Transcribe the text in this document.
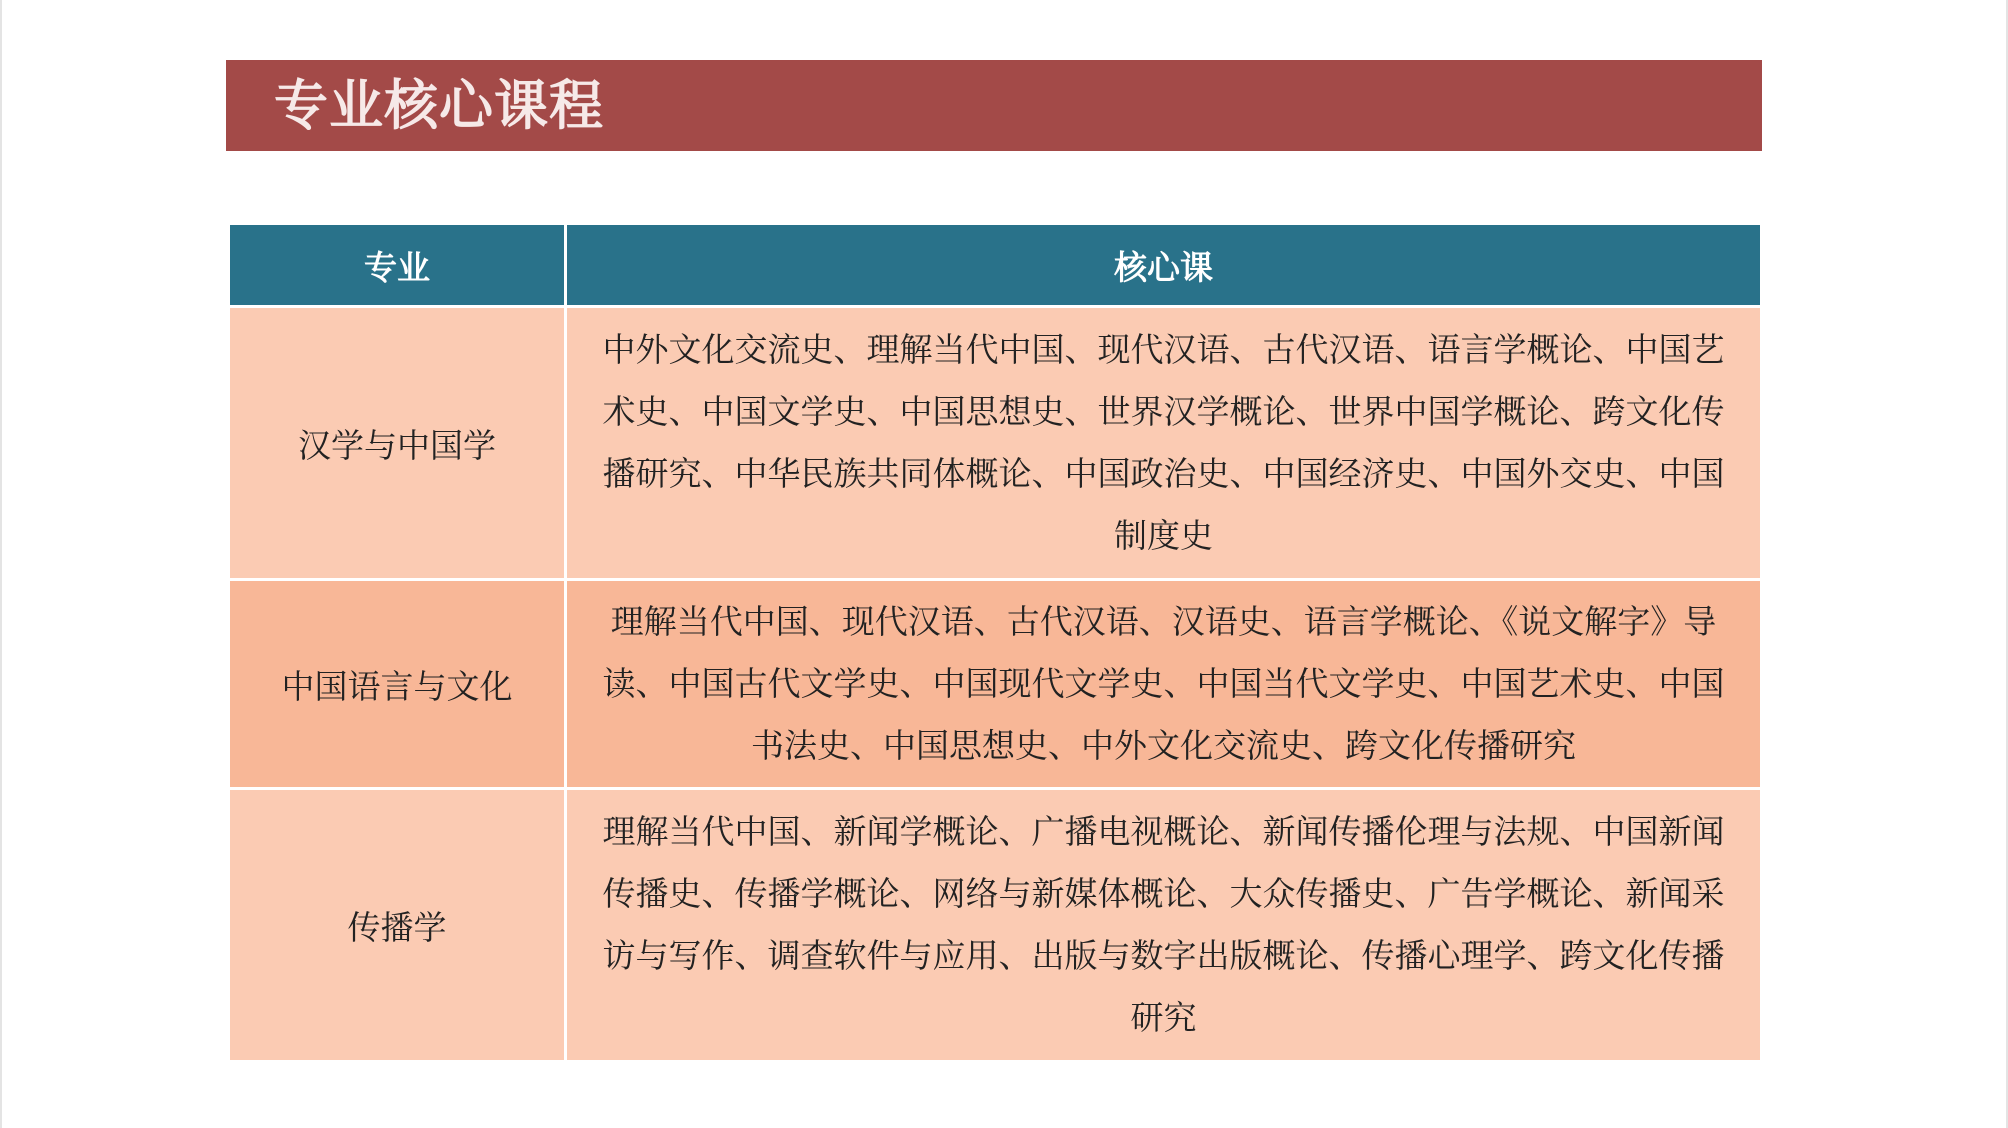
专业核心课程
专业	核心课
汉学与中国学	中外文化交流史、理解当代中国、现代汉语、古代汉语、语言学概论、中国艺术史、中国文学史、中国思想史、世界汉学概论、世界中国学概论、跨文化传播研究、中华民族共同体概论、中国政治史、中国经济史、中国外交史、中国制度史
中国语言与文化	理解当代中国、现代汉语、古代汉语、汉语史、语言学概论、《说文解字》导读、中国古代文学史、中国现代文学史、中国当代文学史、中国艺术史、中国书法史、中国思想史、中外文化交流史、跨文化传播研究
传播学	理解当代中国、新闻学概论、广播电视概论、新闻传播伦理与法规、中国新闻传播史、传播学概论、网络与新媒体概论、大众传播史、广告学概论、新闻采访与写作、调查软件与应用、出版与数字出版概论、传播心理学、跨文化传播研究
